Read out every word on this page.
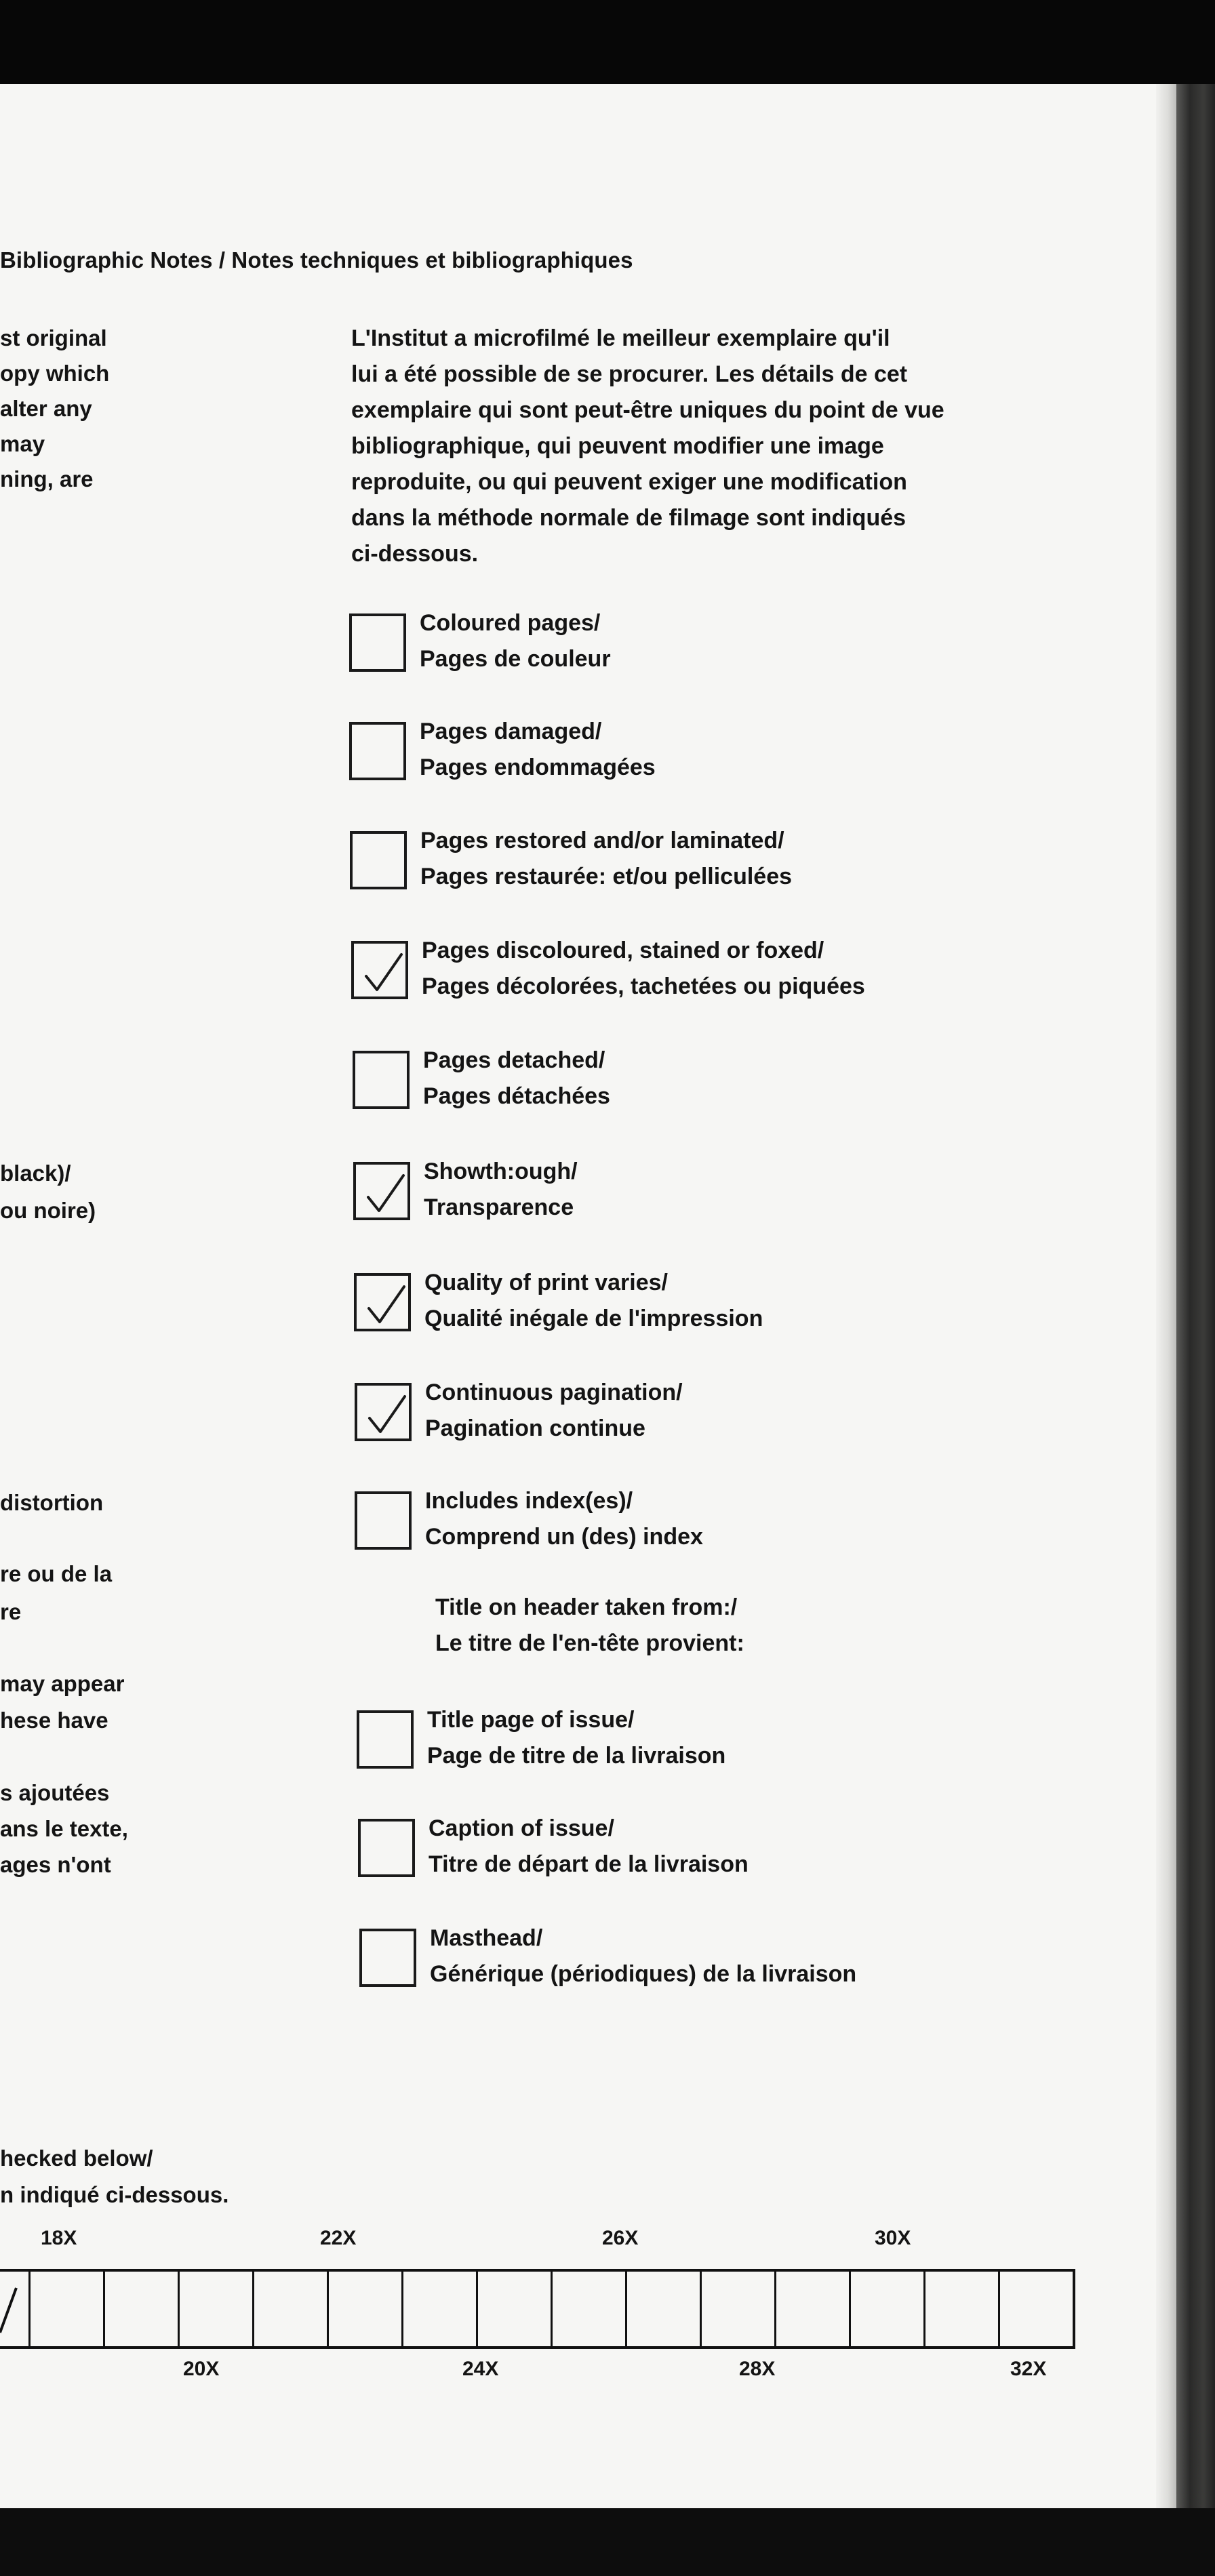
Bibliographic Notes / Notes techniques et bibliographiques
st original
opy which
alter any
may
ning, are
black)/
ou noire)
distortion
re ou de la
re
may appear
hese have
s ajoutées
ans le texte,
ages n'ont
hecked below/
n indiqué ci-dessous.

L'Institut a microfilmé le meilleur exemplaire qu'il

lui a été possible de se procurer. Les détails de cet

exemplaire qui sont peut-être uniques du point de vue

bibliographique, qui peuvent modifier une image

reproduite, ou qui peuvent exiger une modification

dans la méthode normale de filmage sont indiqués

ci-dessous.

Coloured pages/
Pages de couleur
Pages damaged/
Pages endommagées
Pages restored and/or laminated/
Pages restaurée: et/ou pelliculées
Pages discoloured, stained or foxed/
Pages décolorées, tachetées ou piquées
Pages detached/
Pages détachées
Showth:ough/
Transparence
Quality of print varies/
Qualité inégale de l'impression
Continuous pagination/
Pagination continue
Includes index(es)/
Comprend un (des) index
Title on header taken from:/
Le titre de l'en-tête provient:
Title page of issue/
Page de titre de la livraison
Caption of issue/
Titre de départ de la livraison
Masthead/
Générique (périodiques) de la livraison
18X	22X	26X	30X
20X	24X	28X	32X
